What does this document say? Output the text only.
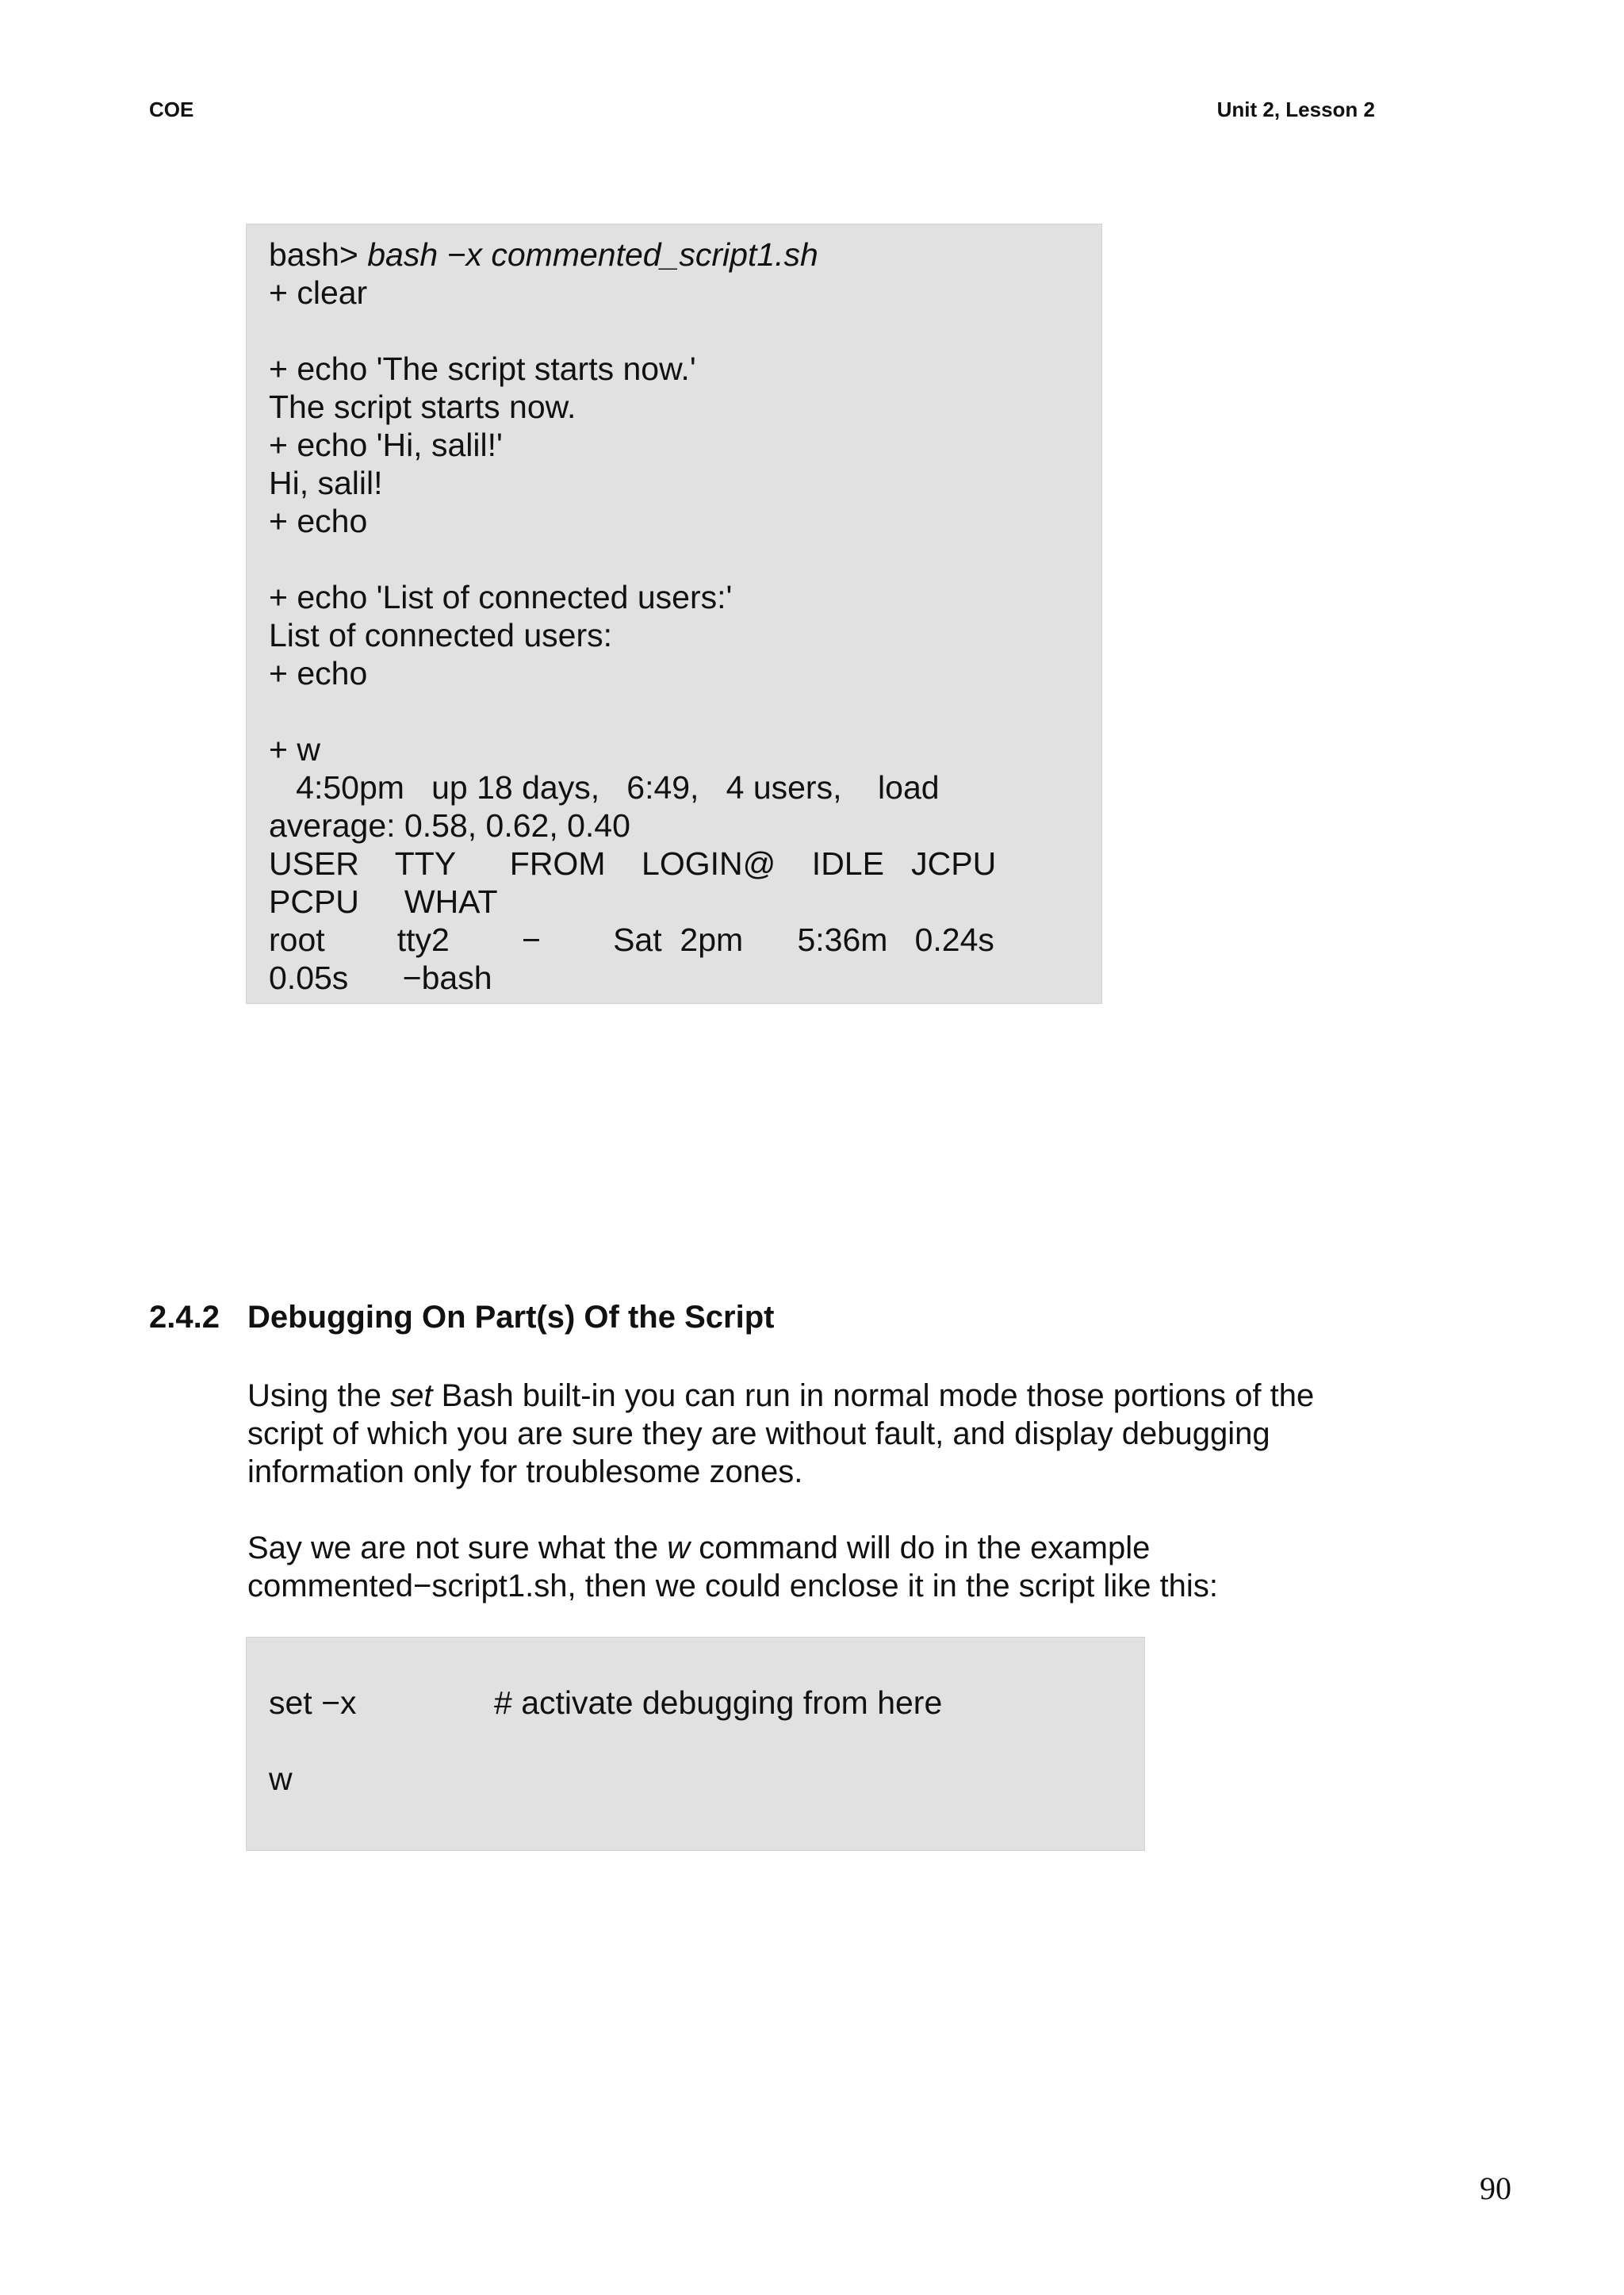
COE	Unit 2, Lesson 2
bash> bash −x commented_script1.sh
+ clear
+ echo 'The script starts now.'
The script starts now.
+ echo 'Hi, salil!'
Hi, salil!
+ echo
+ echo 'List of connected users:'
List of connected users:
+ echo
+ w
4:50pm   up 18 days,   6:49,   4 users,    load
average: 0.58, 0.62, 0.40
USER    TTY      FROM    LOGIN@    IDLE   JCPU
PCPU     WHAT
root        tty2        −        Sat  2pm      5:36m   0.24s
0.05s      −bash
2.4.2 Debugging On Part(s) Of the Script
Using the set Bash built-in you can run in normal mode those portions of the
script of which you are sure they are without fault, and display debugging
information only for troublesome zones.
Say we are not sure what the w command will do in the example
commented−script1.sh, then we could enclose it in the script like this:
set −x	# activate debugging from here
w
90
